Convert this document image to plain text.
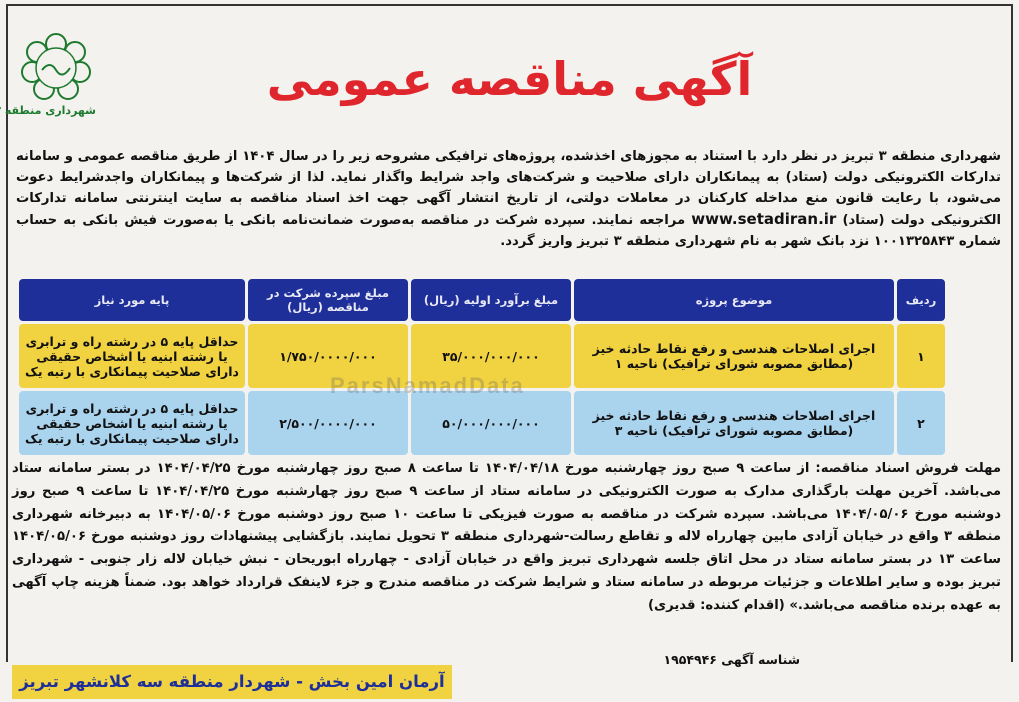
شهرداری منطقه
آگهی مناقصه عمومی
شهرداری منطقه ۳ تبریز در نظر دارد با استناد به مجوزهای اخذشده، پروژه‌های ترافیکی مشروحه زیر را در سال ۱۴۰۴ از طریق مناقصه عمومی و سامانه تدارکات الکترونیکی دولت (ستاد) به پیمانکاران دارای صلاحیت و شرکت‌های واجد شرایط واگذار نماید. لذا از شرکت‌ها و پیمانکاران واجدشرایط دعوت می‌شود، با رعایت قانون منع مداخله کارکنان در معاملات دولتی، از تاریخ انتشار آگهی جهت اخذ اسناد مناقصه به سایت اینترنتی سامانه تدارکات الکترونیکی دولت (ستاد) www.setadiran.ir مراجعه نمایند. سپرده شرکت در مناقصه به‌صورت ضمانت‌نامه بانکی یا به‌صورت فیش بانکی به حساب شماره ۱۰۰۱۳۲۵۸۴۳ نزد بانک شهر به نام شهرداری منطقه ۳ تبریز واریز گردد.
ردیف	موضوع پروژه	مبلغ برآورد اولیه (ریال)	مبلغ سپرده شرکت در مناقصه (ریال)	پایه مورد نیاز
۱	اجرای اصلاحات هندسی و رفع نقاط حادثه خیز (مطابق مصوبه شورای ترافیک) ناحیه ۱	۳۵/۰۰۰/۰۰۰/۰۰۰	۱/۷۵۰/۰۰۰۰/۰۰۰	حداقل پایه ۵ در رشته راه و ترابری یا رشته ابنیه یا اشخاص حقیقی دارای صلاحیت پیمانکاری با رتبه یک
۲	اجرای اصلاحات هندسی و رفع نقاط حادثه خیز (مطابق مصوبه شورای ترافیک) ناحیه ۳	۵۰/۰۰۰/۰۰۰/۰۰۰	۲/۵۰۰/۰۰۰۰/۰۰۰	حداقل پایه ۵ در رشته راه و ترابری یا رشته ابنیه یا اشخاص حقیقی دارای صلاحیت پیمانکاری با رتبه یک
ParsNamadData
مهلت فروش اسناد مناقصه: از ساعت ۹ صبح روز چهارشنبه مورخ ۱۴۰۴/۰۴/۱۸ تا ساعت ۸ صبح روز چهارشنبه مورخ ۱۴۰۴/۰۴/۲۵ در بستر سامانه ستاد می‌باشد. آخرین مهلت بارگذاری مدارک به صورت الکترونیکی در سامانه ستاد از ساعت ۹ صبح روز چهارشنبه مورخ ۱۴۰۴/۰۴/۲۵ تا ساعت ۹ صبح روز دوشنبه مورخ ۱۴۰۴/۰۵/۰۶ می‌باشد. سپرده شرکت در مناقصه به صورت فیزیکی تا ساعت ۱۰ صبح روز دوشنبه مورخ ۱۴۰۴/۰۵/۰۶ به دبیرخانه شهرداری منطقه ۳ واقع در خیابان آزادی مابین چهارراه لاله و تقاطع رسالت-شهرداری منطقه ۳ تحویل نمایند. بازگشایی پیشنهادات روز دوشنبه مورخ ۱۴۰۴/۰۵/۰۶ ساعت ۱۳ در بستر سامانه ستاد در محل اتاق جلسه شهرداری تبریز واقع در خیابان آزادی - چهارراه ابوریحان - نبش خیابان لاله زار جنوبی - شهرداری تبریز بوده و سایر اطلاعات و جزئیات مربوطه در سامانه ستاد و شرایط شرکت در مناقصه مندرج و جزء لاینفک قرارداد خواهد بود. ضمناً هزینه چاپ آگهی به عهده برنده مناقصه می‌باشد.» (اقدام کننده: قدیری)
شناسه آگهی ۱۹۵۴۹۴۶
آرمان امین بخش - شهردار منطقه سه کلانشهر تبریز
